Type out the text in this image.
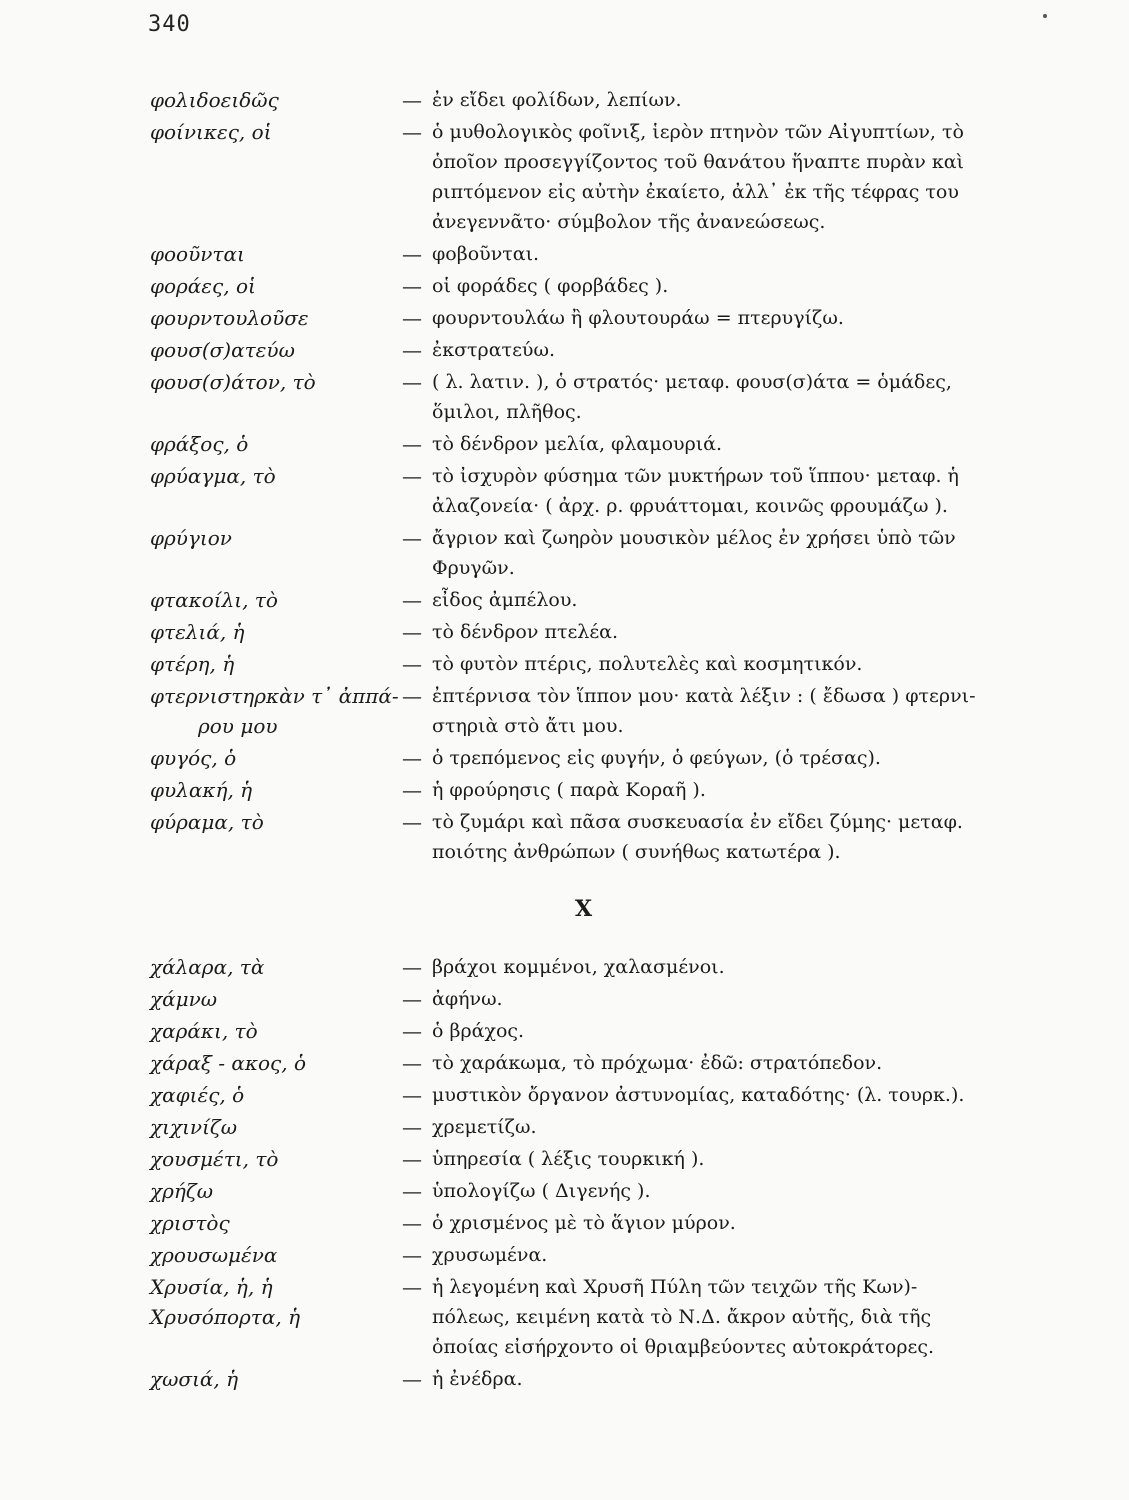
340
φολιδοειδῶς	— ἐν εἴδει φολίδων, λεπίων.
φοίνικες, οἱ	— ὁ μυθολογικὸς φοῖνιξ, ἱερὸν πτηνὸν τῶν Αἰγυπτίων, τὸ
ὁποῖον προσεγγίζοντος τοῦ θανάτου ἥναπτε πυρὰν καὶ
ριπτόμενον εἰς αὐτὴν ἐκαίετο, ἀλλ᾽ ἐκ τῆς τέφρας του
ἀνεγεννᾶτο· σύμβολον τῆς ἀνανεώσεως.
φοοῦνται	— φοβοῦνται.
φοράες, οἱ	— οἱ φοράδες ( φορβάδες ).
φουρντουλοῦσε	— φουρντουλάω ἢ φλουτουράω = πτερυγίζω.
φουσ(σ)ατεύω	— ἐκστρατεύω.
φουσ(σ)άτον, τὸ	— ( λ. λατιν. ), ὁ στρατός· μεταφ. φουσ(σ)άτα = ὁμάδες,
ὅμιλοι, πλῆθος.
φράξος, ὁ	— τὸ δένδρον μελία, φλαμουριά.
φρύαγμα, τὸ	— τὸ ἰσχυρὸν φύσημα τῶν μυκτήρων τοῦ ἵππου· μεταφ. ἡ
ἀλαζονεία· ( ἀρχ. ρ. φρυάττομαι, κοινῶς φρουμάζω ).
φρύγιον	— ἄγριον καὶ ζωηρὸν μουσικὸν μέλος ἐν χρήσει ὑπὸ τῶν
Φρυγῶν.
φτακοίλι, τὸ	— εἶδος ἀμπέλου.
φτελιά, ἡ	— τὸ δένδρον πτελέα.
φτέρη, ἡ	— τὸ φυτὸν πτέρις, πολυτελὲς καὶ κοσμητικόν.
φτερνιστηρκὰν τ᾽ ἀππά-
ρου μου
— ἐπτέρνισα τὸν ἵππον μου· κατὰ λέξιν : ( ἔδωσα ) φτερνι-
στηριὰ στὸ ἄτι μου.
φυγός, ὁ	— ὁ τρεπόμενος εἰς φυγήν, ὁ φεύγων, (ὁ τρέσας).
φυλακή, ἡ	— ἡ φρούρησις ( παρὰ Κοραῆ ).
φύραμα, τὸ	— τὸ ζυμάρι καὶ πᾶσα συσκευασία ἐν εἴδει ζύμης· μεταφ.
ποιότης ἀνθρώπων ( συνήθως κατωτέρα ).
Χ
χάλαρα, τὰ	— βράχοι κομμένοι, χαλασμένοι.
χάμνω	— ἀφήνω.
χαράκι, τὸ	— ὁ βράχος.
χάραξ - ακος, ὁ	— τὸ χαράκωμα, τὸ πρόχωμα· ἐδῶ: στρατόπεδον.
χαφιές, ὁ	— μυστικὸν ὄργανον ἀστυνομίας, καταδότης· (λ. τουρκ.).
χιχινίζω	— χρεμετίζω.
χουσμέτι, τὸ	— ὑπηρεσία ( λέξις τουρκική ).
χρήζω	— ὑπολογίζω ( Διγενής ).
χριστὸς	— ὁ χρισμένος μὲ τὸ ἅγιον μύρον.
χρουσωμένα	— χρυσωμένα.
Χρυσία, ἡ, ἡ
Χρυσόπορτα, ἡ
— ἡ λεγομένη καὶ Χρυσῆ Πύλη τῶν τειχῶν τῆς Κων)-
πόλεως, κειμένη κατὰ τὸ Ν.Δ. ἄκρον αὐτῆς, διὰ τῆς
ὁποίας εἰσήρχοντο οἱ θριαμβεύοντες αὐτοκράτορες.
χωσιά, ἡ	— ἡ ἐνέδρα.
